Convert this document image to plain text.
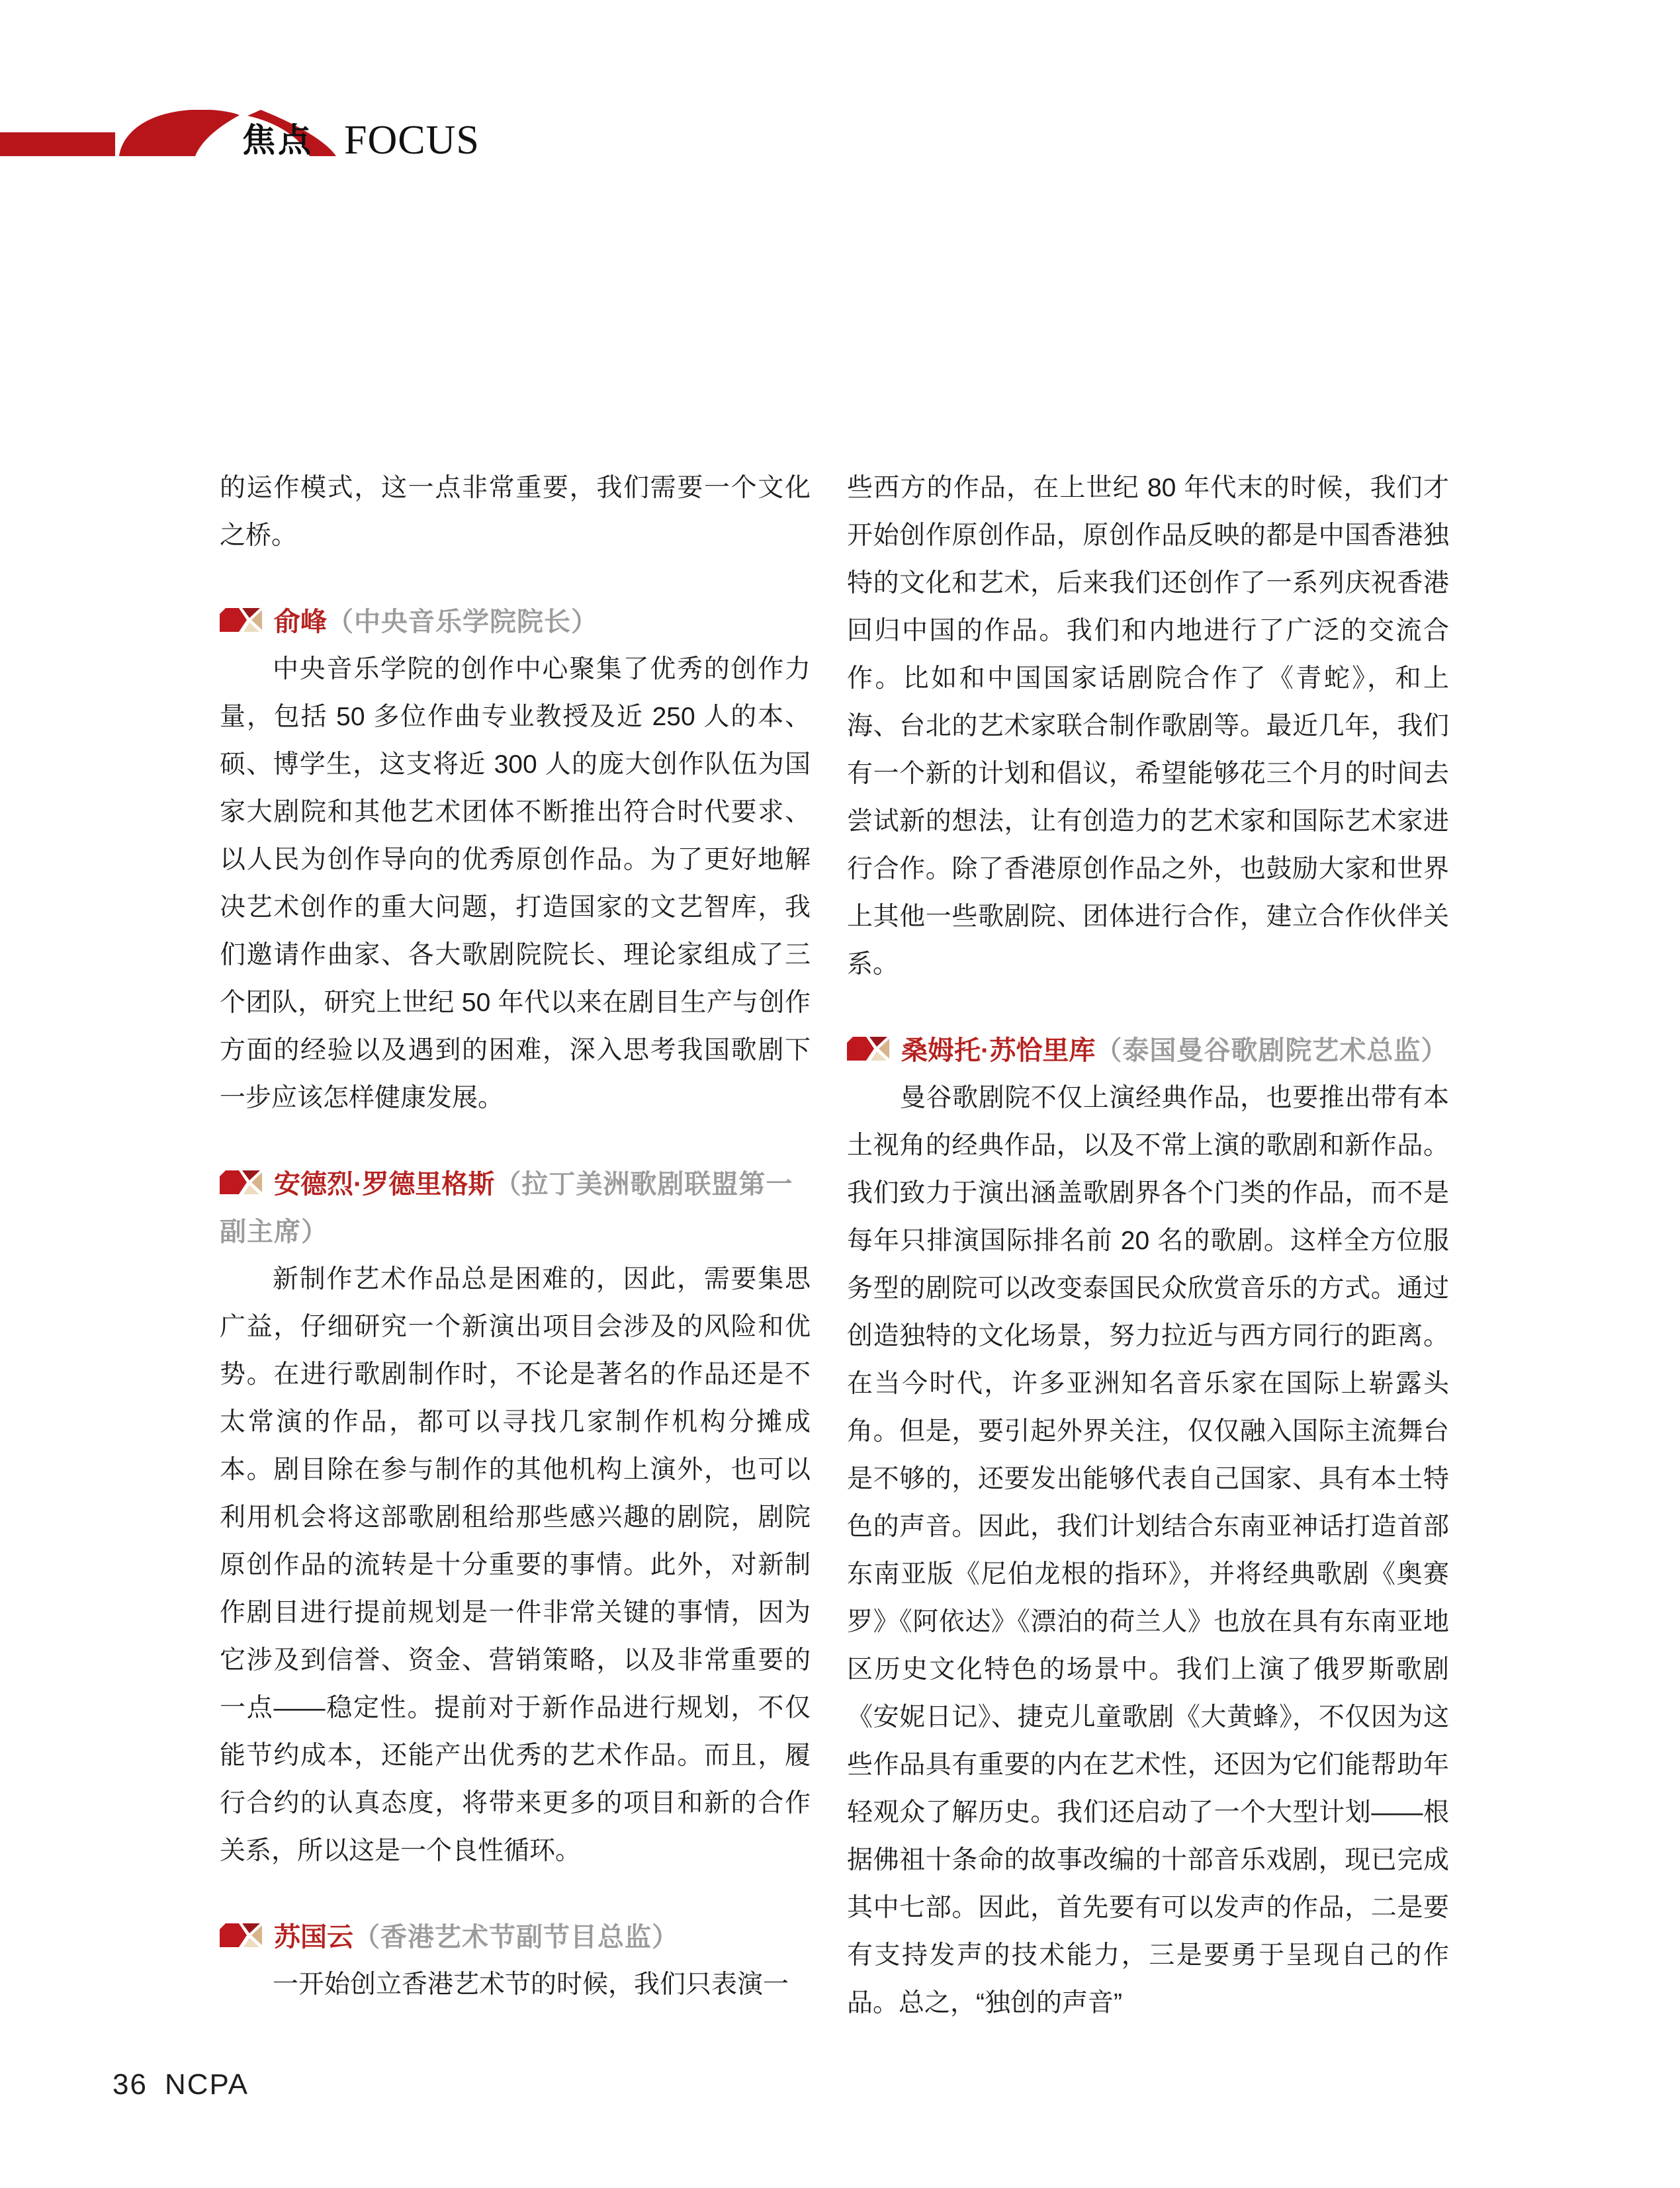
焦点 FOCUS

的运作模式，这一点非常重要，我们需要一个文化之桥。

俞峰（中央音乐学院院长）

中央音乐学院的创作中心聚集了优秀的创作力量，包括 50 多位作曲专业教授及近 250 人的本、硕、博学生，这支将近 300 人的庞大创作队伍为国家大剧院和其他艺术团体不断推出符合时代要求、以人民为创作导向的优秀原创作品。为了更好地解决艺术创作的重大问题，打造国家的文艺智库，我们邀请作曲家、各大歌剧院院长、理论家组成了三个团队，研究上世纪 50 年代以来在剧目生产与创作方面的经验以及遇到的困难，深入思考我国歌剧下一步应该怎样健康发展。

安德烈·罗德里格斯（拉丁美洲歌剧联盟第一副主席）

新制作艺术作品总是困难的，因此，需要集思广益，仔细研究一个新演出项目会涉及的风险和优势。在进行歌剧制作时，不论是著名的作品还是不太常演的作品，都可以寻找几家制作机构分摊成本。剧目除在参与制作的其他机构上演外，也可以利用机会将这部歌剧租给那些感兴趣的剧院，剧院原创作品的流转是十分重要的事情。此外，对新制作剧目进行提前规划是一件非常关键的事情，因为它涉及到信誉、资金、营销策略，以及非常重要的一点——稳定性。提前对于新作品进行规划，不仅能节约成本，还能产出优秀的艺术作品。而且，履行合约的认真态度，将带来更多的项目和新的合作关系，所以这是一个良性循环。

苏国云（香港艺术节副节目总监）

一开始创立香港艺术节的时候，我们只表演一

些西方的作品，在上世纪 80 年代末的时候，我们才开始创作原创作品，原创作品反映的都是中国香港独特的文化和艺术，后来我们还创作了一系列庆祝香港回归中国的作品。我们和内地进行了广泛的交流合作。比如和中国国家话剧院合作了《青蛇》，和上海、台北的艺术家联合制作歌剧等。最近几年，我们有一个新的计划和倡议，希望能够花三个月的时间去尝试新的想法，让有创造力的艺术家和国际艺术家进行合作。除了香港原创作品之外，也鼓励大家和世界上其他一些歌剧院、团体进行合作，建立合作伙伴关系。

桑姆托·苏恰里库（泰国曼谷歌剧院艺术总监）

曼谷歌剧院不仅上演经典作品，也要推出带有本土视角的经典作品，以及不常上演的歌剧和新作品。我们致力于演出涵盖歌剧界各个门类的作品，而不是每年只排演国际排名前 20 名的歌剧。这样全方位服务型的剧院可以改变泰国民众欣赏音乐的方式。通过创造独特的文化场景，努力拉近与西方同行的距离。在当今时代，许多亚洲知名音乐家在国际上崭露头角。但是，要引起外界关注，仅仅融入国际主流舞台是不够的，还要发出能够代表自己国家、具有本土特色的声音。因此，我们计划结合东南亚神话打造首部东南亚版《尼伯龙根的指环》，并将经典歌剧《奥赛罗》《阿依达》《漂泊的荷兰人》也放在具有东南亚地区历史文化特色的场景中。我们上演了俄罗斯歌剧《安妮日记》、捷克儿童歌剧《大黄蜂》，不仅因为这些作品具有重要的内在艺术性，还因为它们能帮助年轻观众了解历史。我们还启动了一个大型计划——根据佛祖十条命的故事改编的十部音乐戏剧，现已完成其中七部。因此，首先要有可以发声的作品，二是要有支持发声的技术能力，三是要勇于呈现自己的作品。总之，“独创的声音”

36 NCPA
